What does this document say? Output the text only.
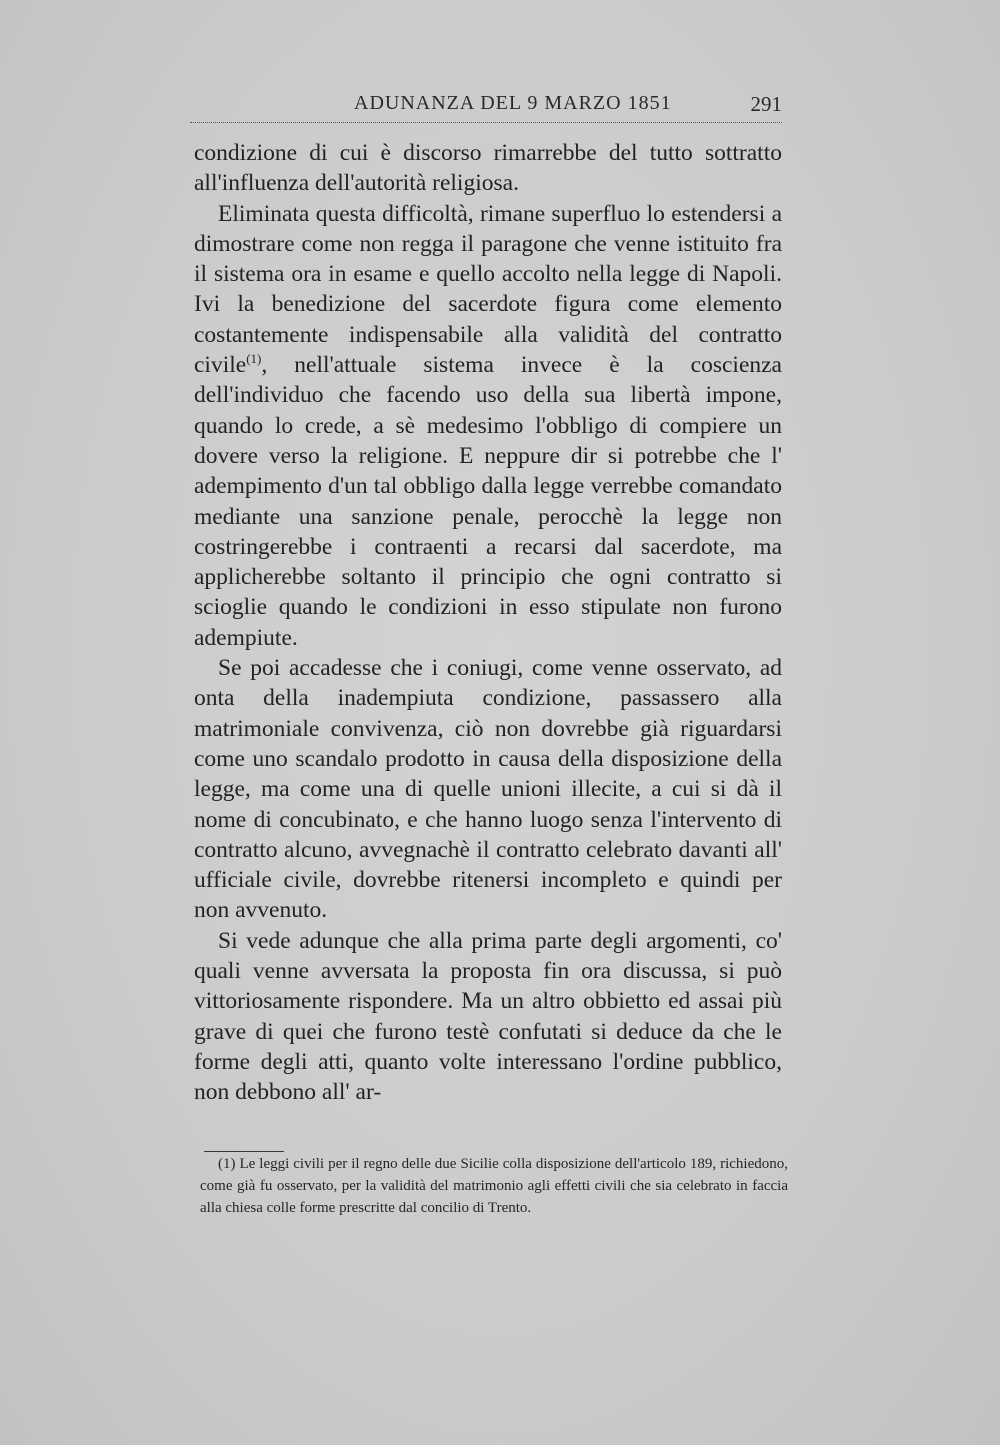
ADUNANZA DEL 9 MARZO 1851	291

condizione di cui è discorso rimarrebbe del tutto sottratto all'influenza dell'autorità religiosa.

Eliminata questa difficoltà, rimane superfluo lo estendersi a dimostrare come non regga il paragone che venne istituito fra il sistema ora in esame e quello accolto nella legge di Napoli. Ivi la benedizione del sacerdote figura come elemento costantemente indispensabile alla validità del contratto civile$^{(1)}$, nell'attuale sistema invece è la coscienza dell'individuo che facendo uso della sua libertà impone, quando lo crede, a sè medesimo l'obbligo di compiere un dovere verso la religione. E neppure dir si potrebbe che l' adempimento d'un tal obbligo dalla legge verrebbe comandato mediante una sanzione penale, perocchè la legge non costringerebbe i contraenti a recarsi dal sacerdote, ma applicherebbe soltanto il principio che ogni contratto si scioglie quando le condizioni in esso stipulate non furono adempiute.

Se poi accadesse che i coniugi, come venne osservato, ad onta della inadempiuta condizione, passassero alla matrimoniale convivenza, ciò non dovrebbe già riguardarsi come uno scandalo prodotto in causa della disposizione della legge, ma come una di quelle unioni illecite, a cui si dà il nome di concubinato, e che hanno luogo senza l'intervento di contratto alcuno, avvegnachè il contratto celebrato davanti all' ufficiale civile, dovrebbe ritenersi incompleto e quindi per non avvenuto.

Si vede adunque che alla prima parte degli argomenti, co' quali venne avversata la proposta fin ora discussa, si può vittoriosamente rispondere. Ma un altro obbietto ed assai più grave di quei che furono testè confutati si deduce da che le forme degli atti, quanto volte interessano l'ordine pubblico, non debbono all' ar-

(1) Le leggi civili per il regno delle due Sicilie colla disposizione dell'articolo 189, richiedono, come già fu osservato, per la validità del matrimonio agli effetti civili che sia celebrato in faccia alla chiesa colle forme prescritte dal concilio di Trento.
